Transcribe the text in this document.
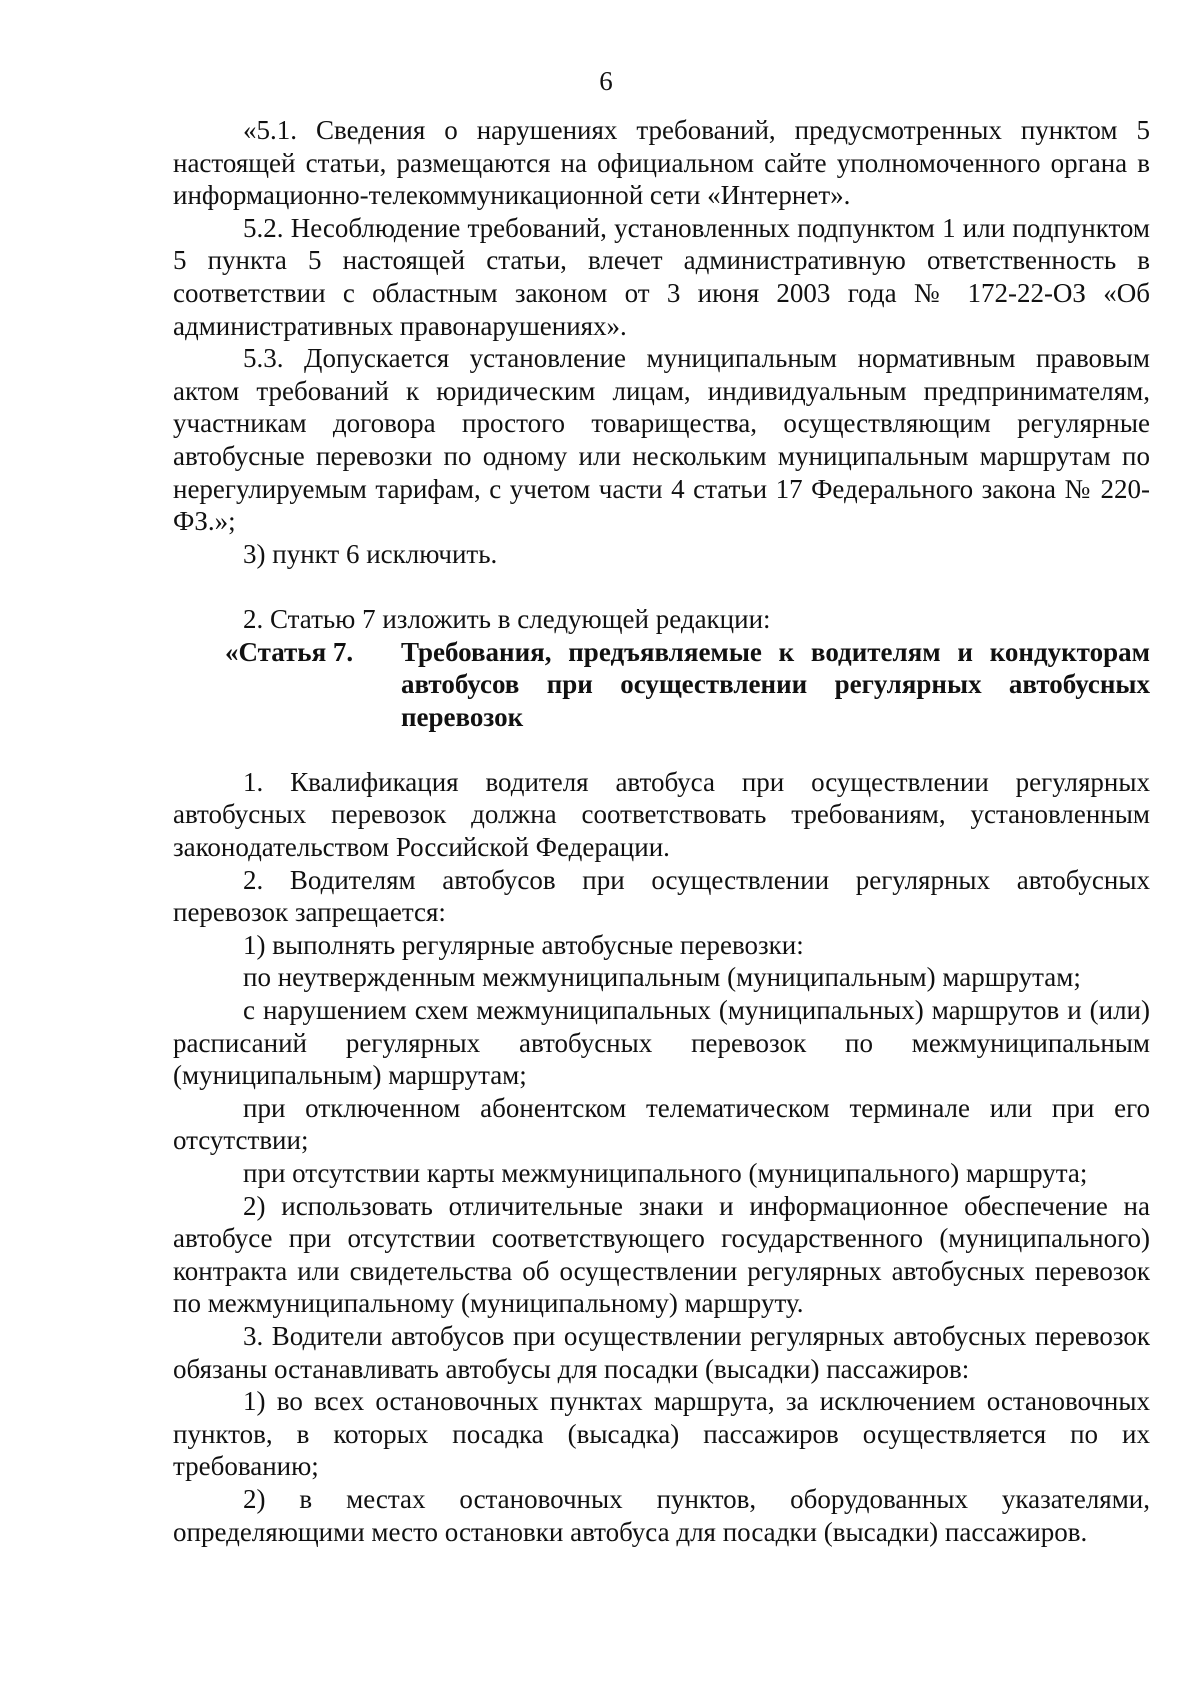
6

«5.1. Сведения о нарушениях требований, предусмотренных пунктом 5 настоящей статьи, размещаются на официальном сайте уполномоченного органа в информационно-телекоммуникационной сети «Интернет».

5.2. Несоблюдение требований, установленных подпунктом 1 или подпунктом 5 пункта 5 настоящей статьи, влечет административную ответственность в соответствии с областным законом от 3 июня 2003 года № 172-22-ОЗ «Об административных правонарушениях».

5.3. Допускается установление муниципальным нормативным правовым актом требований к юридическим лицам, индивидуальным предпринимателям, участникам договора простого товарищества, осуществляющим регулярные автобусные перевозки по одному или нескольким муниципальным маршрутам по нерегулируемым тарифам, с учетом части 4 статьи 17 Федерального закона № 220-ФЗ.»;

3) пункт 6 исключить.

2. Статью 7 изложить в следующей редакции:

«Статья 7.	Требования, предъявляемые к водителям и кондукторам автобусов при осуществлении регулярных автобусных перевозок

1. Квалификация водителя автобуса при осуществлении регулярных автобусных перевозок должна соответствовать требованиям, установленным законодательством Российской Федерации.

2. Водителям автобусов при осуществлении регулярных автобусных перевозок запрещается:

1) выполнять регулярные автобусные перевозки:

по неутвержденным межмуниципальным (муниципальным) маршрутам;

с нарушением схем межмуниципальных (муниципальных) маршрутов и (или) расписаний регулярных автобусных перевозок по межмуниципальным (муниципальным) маршрутам;

при отключенном абонентском телематическом терминале или при его отсутствии;

при отсутствии карты межмуниципального (муниципального) маршрута;

2) использовать отличительные знаки и информационное обеспечение на автобусе при отсутствии соответствующего государственного (муниципального) контракта или свидетельства об осуществлении регулярных автобусных перевозок по межмуниципальному (муниципальному) маршруту.

3. Водители автобусов при осуществлении регулярных автобусных перевозок обязаны останавливать автобусы для посадки (высадки) пассажиров:

1) во всех остановочных пунктах маршрута, за исключением остановочных пунктов, в которых посадка (высадка) пассажиров осуществляется по их требованию;

2) в местах остановочных пунктов, оборудованных указателями, определяющими место остановки автобуса для посадки (высадки) пассажиров.
